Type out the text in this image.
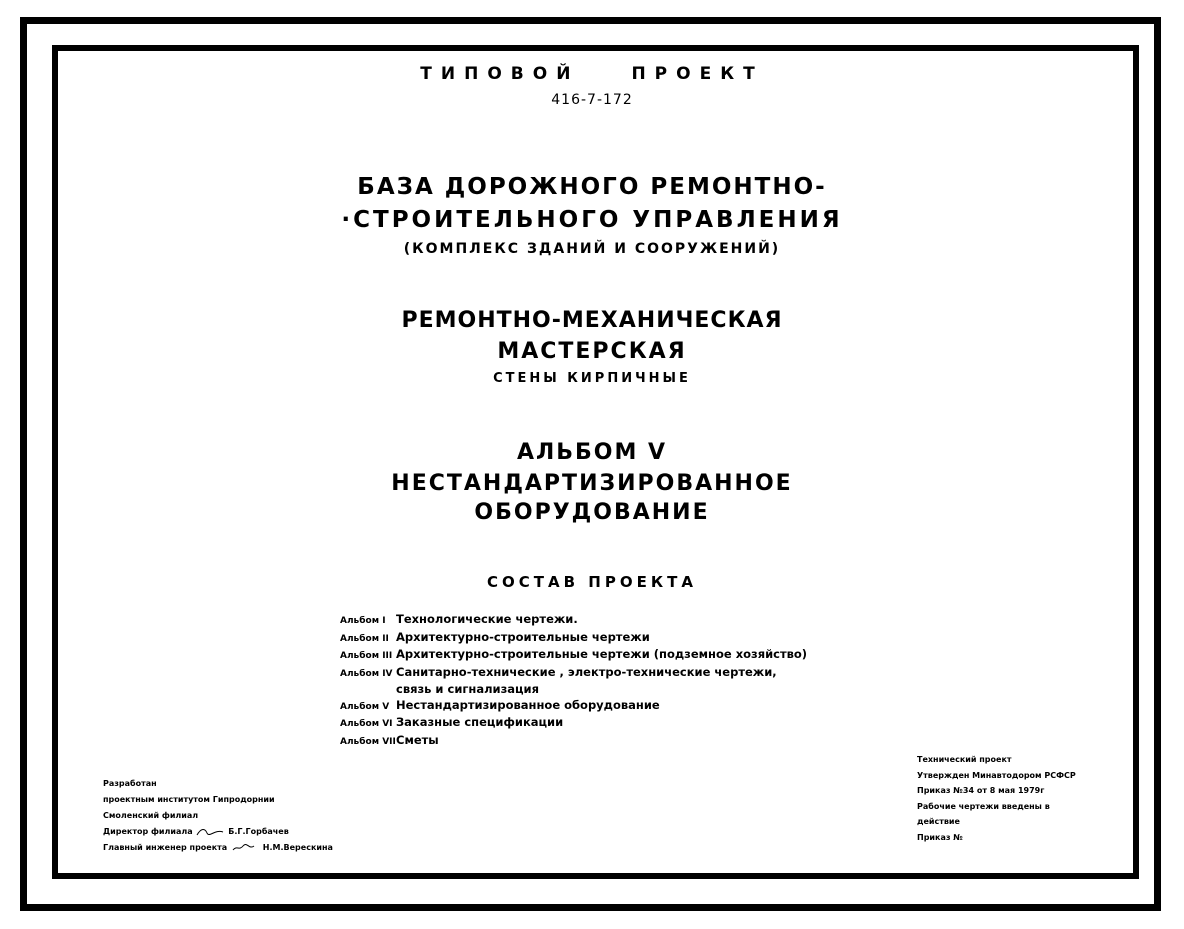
ТИПОВОЙ	ПРОЕКТ
416-7-172
БАЗА ДОРОЖНОГО РЕМОНТНО-
·СТРОИТЕЛЬНОГО УПРАВЛЕНИЯ
(КОМПЛЕКС ЗДАНИЙ И СООРУЖЕНИЙ)
РЕМОНТНО-МЕХАНИЧЕСКАЯ
МАСТЕРСКАЯ
СТЕНЫ КИРПИЧНЫЕ
АЛЬБОМ V
НЕСТАНДАРТИЗИРОВАННОЕ
ОБОРУДОВАНИЕ
СОСТАВ ПРОЕКТА
Альбом I Технологические чертежи.
Альбом II Архитектурно-строительные чертежи
Альбом III Архитектурно-строительные чертежи (подземное хозяйство)
Альбом IV Санитарно-технические , электро-технические чертежи,
связь и сигнализация
Альбом V Нестандартизированное оборудование
Альбом VI Заказные спецификации
Альбом VIIСметы
Разработан
проектным институтом Гипродорнии
Смоленский филиал
Директор филиала	Б.Г.Горбачев
Главный инженер проекта	Н.М.Верескина
Технический проект
Утвержден Минавтодором РСФСР
Приказ №34 от 8 мая 1979г
Рабочие чертежи введены в
действие
Приказ №
